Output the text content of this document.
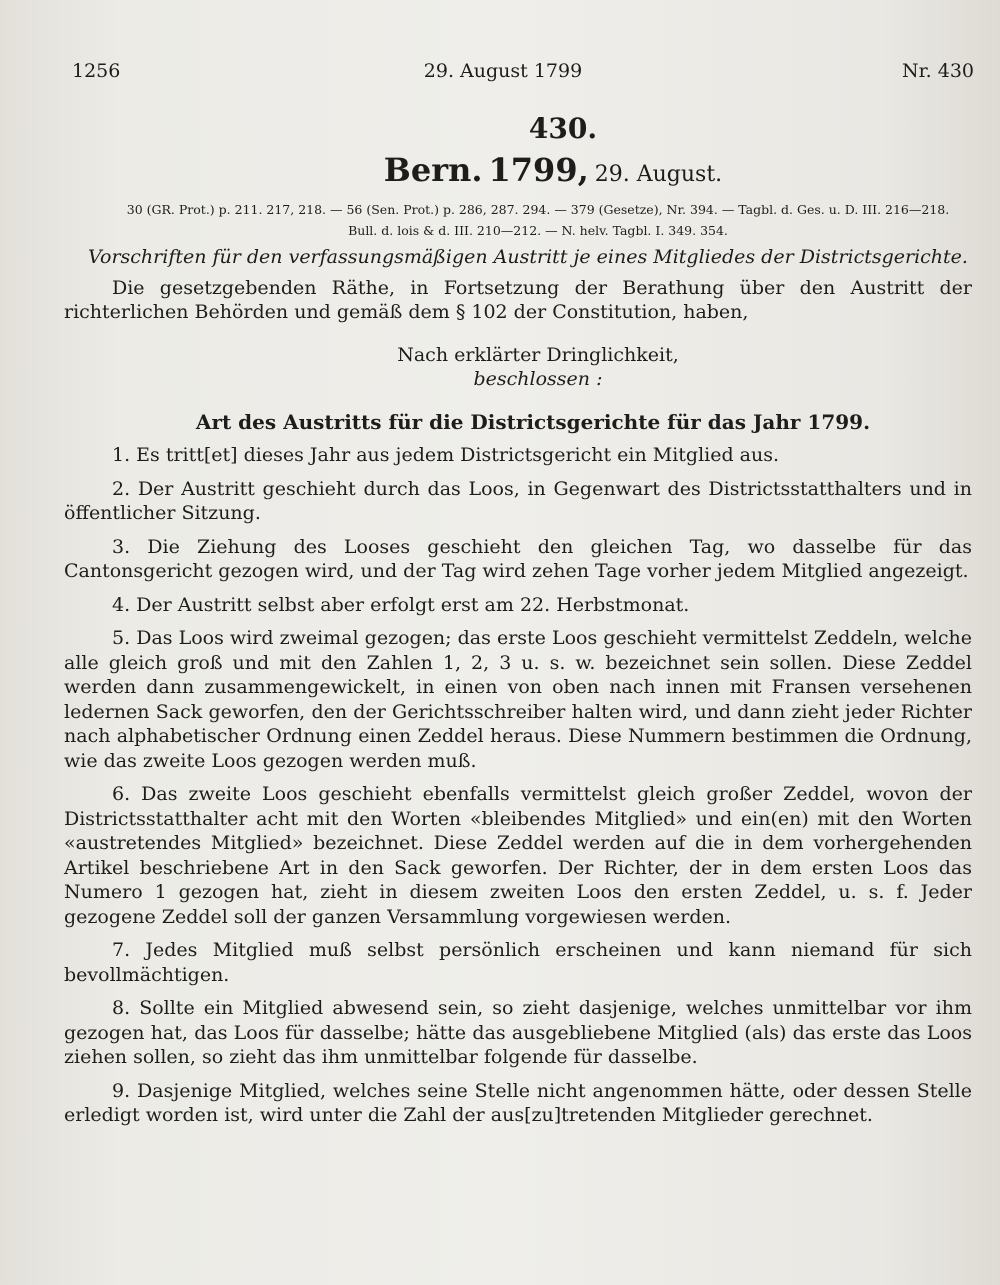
1256	29. August 1799	Nr. 430
430.
Bern. 1799, 29. August.
30 (GR. Prot.) p. 211. 217, 218. — 56 (Sen. Prot.) p. 286, 287. 294. — 379 (Gesetze), Nr. 394. — Tagbl. d. Ges. u. D. III. 216—218.
Bull. d. lois & d. III. 210—212. — N. helv. Tagbl. I. 349. 354.
Vorschriften für den verfassungsmäßigen Austritt je eines Mitgliedes der Districtsgerichte.

Die gesetzgebenden Räthe, in Fortsetzung der Berathung über den Austritt der richterlichen Behörden und gemäß dem § 102 der Constitution, haben,

Nach erklärter Dringlichkeit,
beschlossen :
Art des Austritts für die Districtsgerichte für das Jahr 1799.

1. Es tritt[et] dieses Jahr aus jedem Districtsgericht ein Mitglied aus.

2. Der Austritt geschieht durch das Loos, in Gegenwart des Districtsstatthalters und in öffentlicher Sitzung.

3. Die Ziehung des Looses geschieht den gleichen Tag, wo dasselbe für das Cantonsgericht gezogen wird, und der Tag wird zehen Tage vorher jedem Mitglied angezeigt.

4. Der Austritt selbst aber erfolgt erst am 22. Herbstmonat.

5. Das Loos wird zweimal gezogen; das erste Loos geschieht vermittelst Zeddeln, welche alle gleich groß und mit den Zahlen 1, 2, 3 u. s. w. bezeichnet sein sollen. Diese Zeddel werden dann zusammengewickelt, in einen von oben nach innen mit Fransen versehenen ledernen Sack geworfen, den der Gerichtsschreiber halten wird, und dann zieht jeder Richter nach alphabetischer Ordnung einen Zeddel heraus. Diese Nummern bestimmen die Ordnung, wie das zweite Loos gezogen werden muß.

6. Das zweite Loos geschieht ebenfalls vermittelst gleich großer Zeddel, wovon der Districtsstatthalter acht mit den Worten «bleibendes Mitglied» und ein(en) mit den Worten «austretendes Mitglied» bezeichnet. Diese Zeddel werden auf die in dem vorhergehenden Artikel beschriebene Art in den Sack geworfen. Der Richter, der in dem ersten Loos das Numero 1 gezogen hat, zieht in diesem zweiten Loos den ersten Zeddel, u. s. f. Jeder gezogene Zeddel soll der ganzen Versammlung vorgewiesen werden.

7. Jedes Mitglied muß selbst persönlich erscheinen und kann niemand für sich bevollmächtigen.

8. Sollte ein Mitglied abwesend sein, so zieht dasjenige, welches unmittelbar vor ihm gezogen hat, das Loos für dasselbe; hätte das ausgebliebene Mitglied (als) das erste das Loos ziehen sollen, so zieht das ihm unmittelbar folgende für dasselbe.

9. Dasjenige Mitglied, welches seine Stelle nicht angenommen hätte, oder dessen Stelle erledigt worden ist, wird unter die Zahl der aus[zu]tretenden Mitglieder gerechnet.
